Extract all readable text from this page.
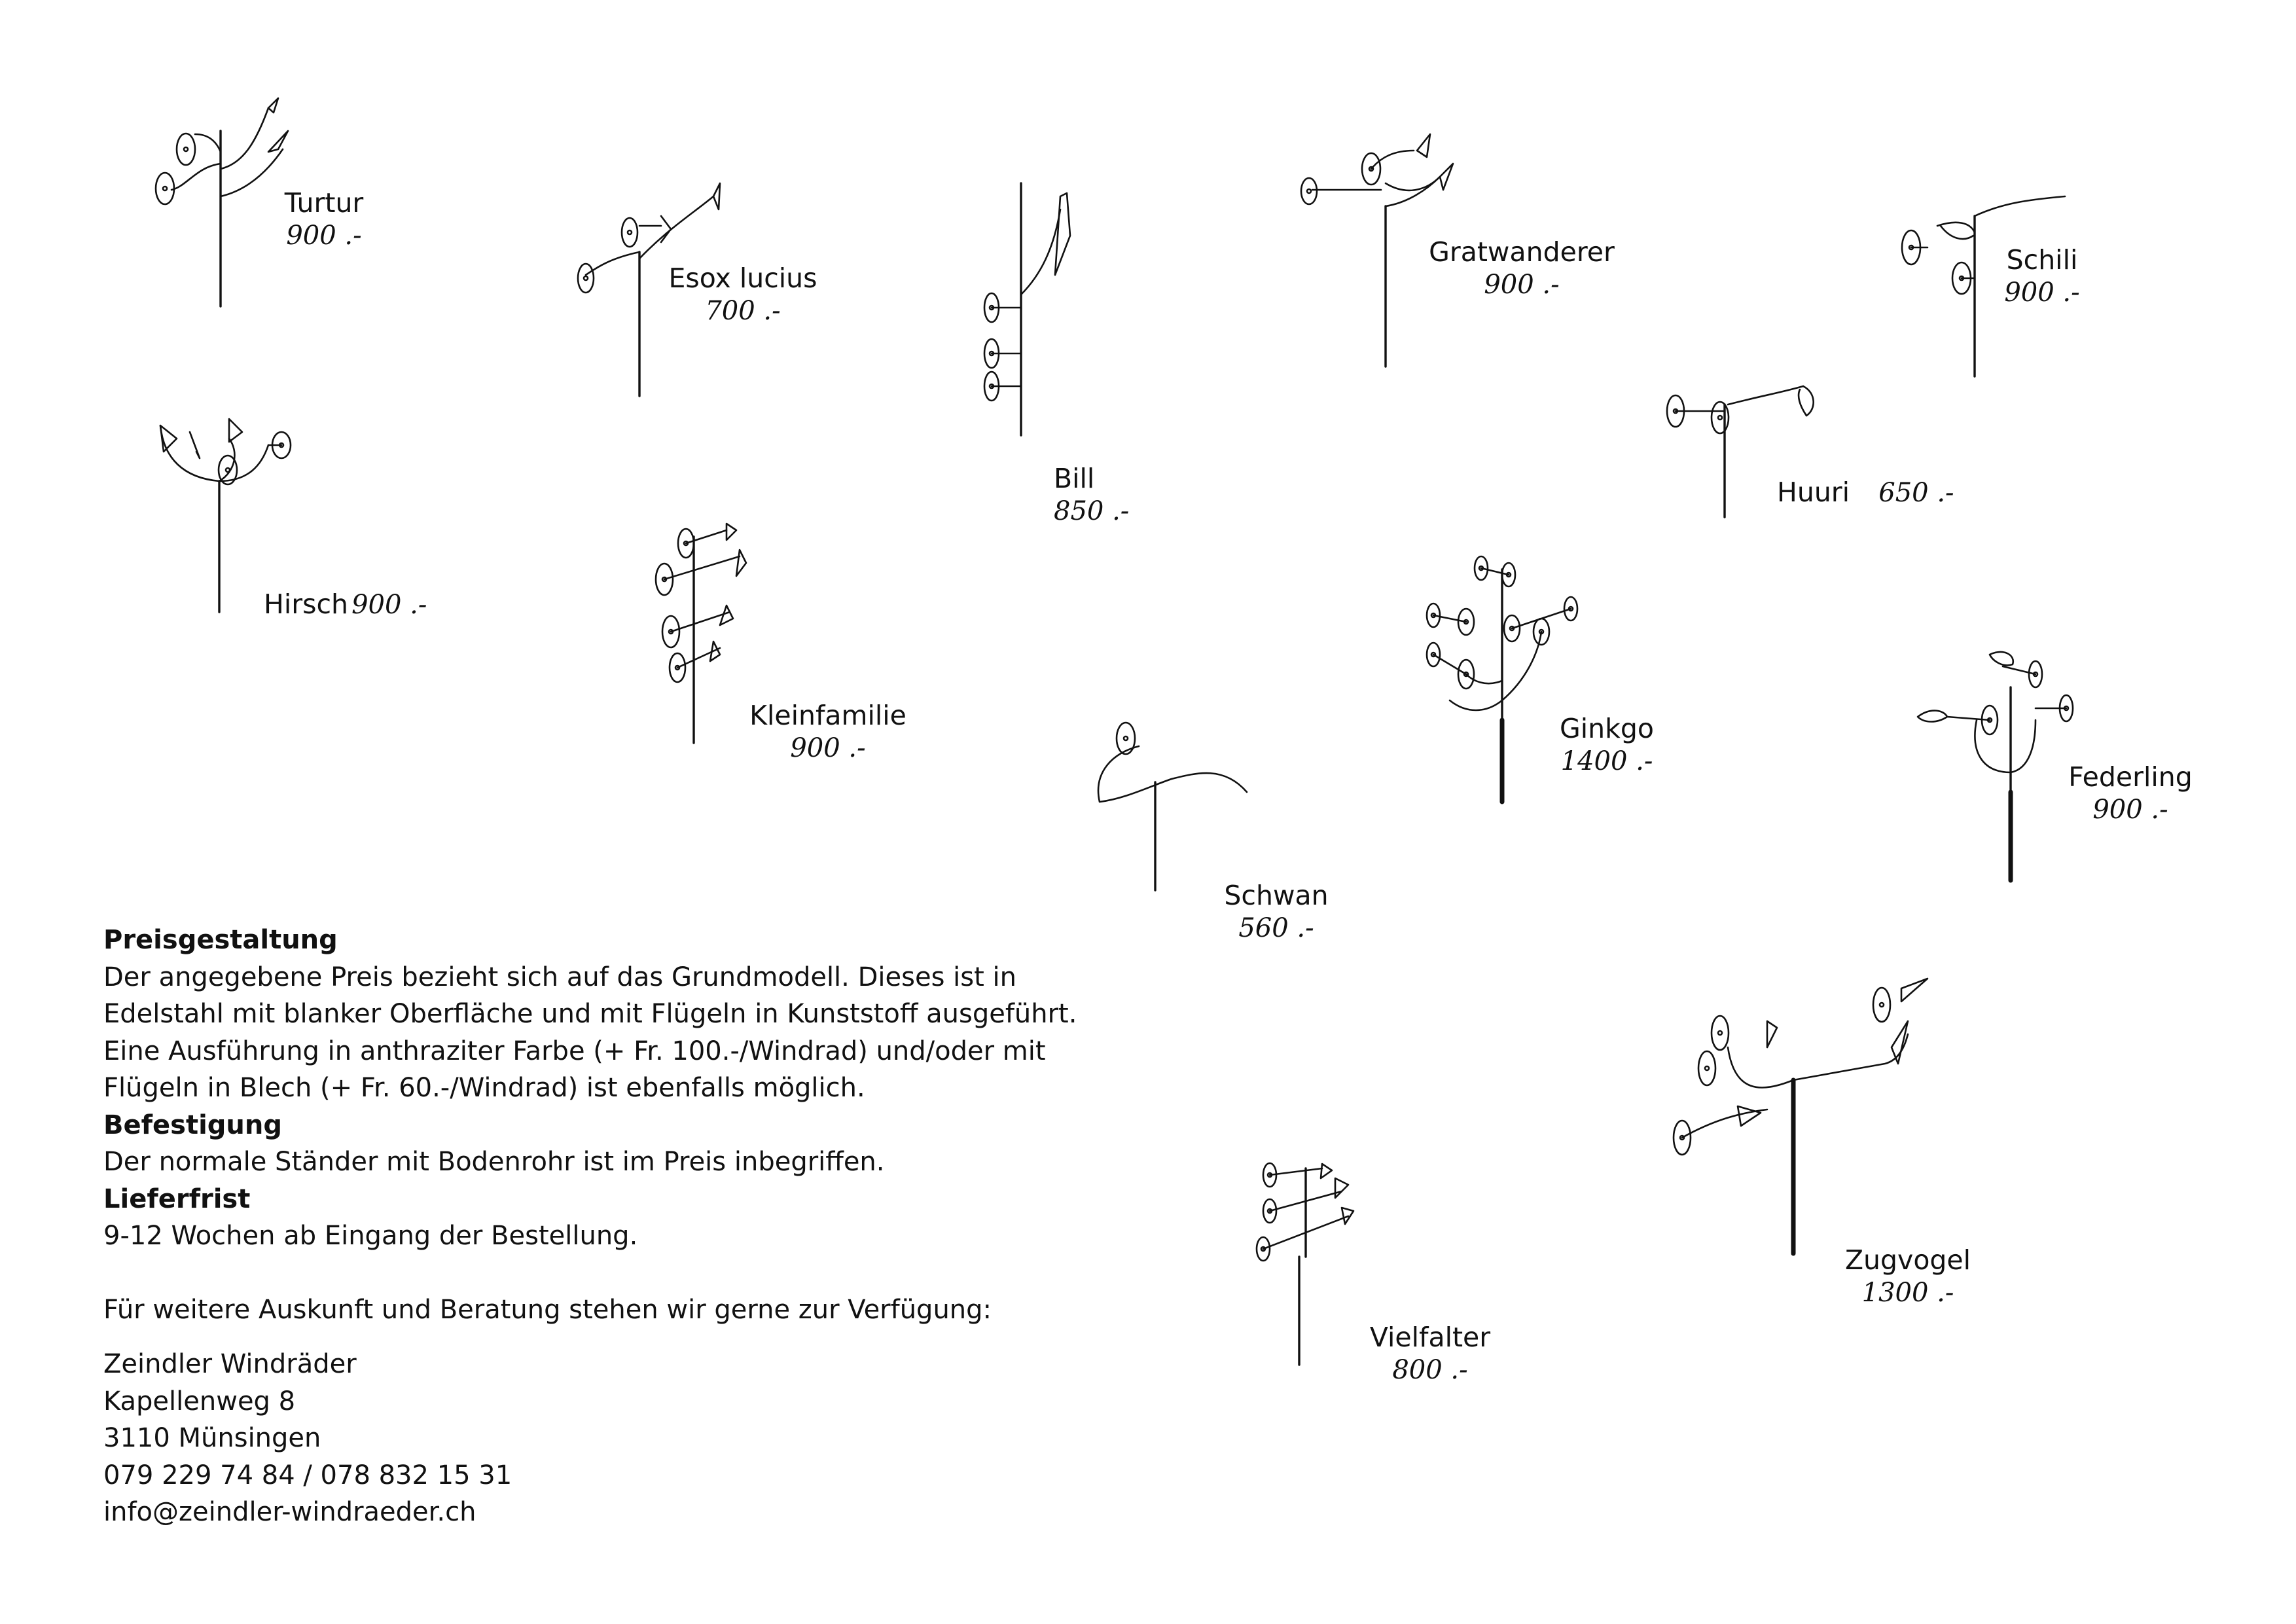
Turtur
900 .-
Esox lucius
700 .-
Bill
850 .-
Gratwanderer
900 .-
Schili
900 .-
Huuri 650 .-
Hirsch 900 .-
Kleinfamilie
900 .-
Ginkgo
1400 .-	Federling
900 .-
Schwan
560 .-
Zugvogel
1300 .-
Vielfalter
800 .-

Preisgestaltung

Der angegebene Preis bezieht sich auf das Grundmodell. Dieses ist in

Edelstahl mit blanker Oberfläche und mit Flügeln in Kunststoff ausgeführt.

Eine Ausführung in anthraziter Farbe (+ Fr. 100.-/Windrad) und/oder mit

Flügeln in Blech (+ Fr. 60.-/Windrad) ist ebenfalls möglich.

Befestigung

Der normale Ständer mit Bodenrohr ist im Preis inbegriffen.

Lieferfrist

9-12 Wochen ab Eingang der Bestellung.

Für weitere Auskunft und Beratung stehen wir gerne zur Verfügung:

Zeindler Windräder

Kapellenweg 8

3110 Münsingen

079 229 74 84 / 078 832 15 31

info@zeindler-windraeder.ch
